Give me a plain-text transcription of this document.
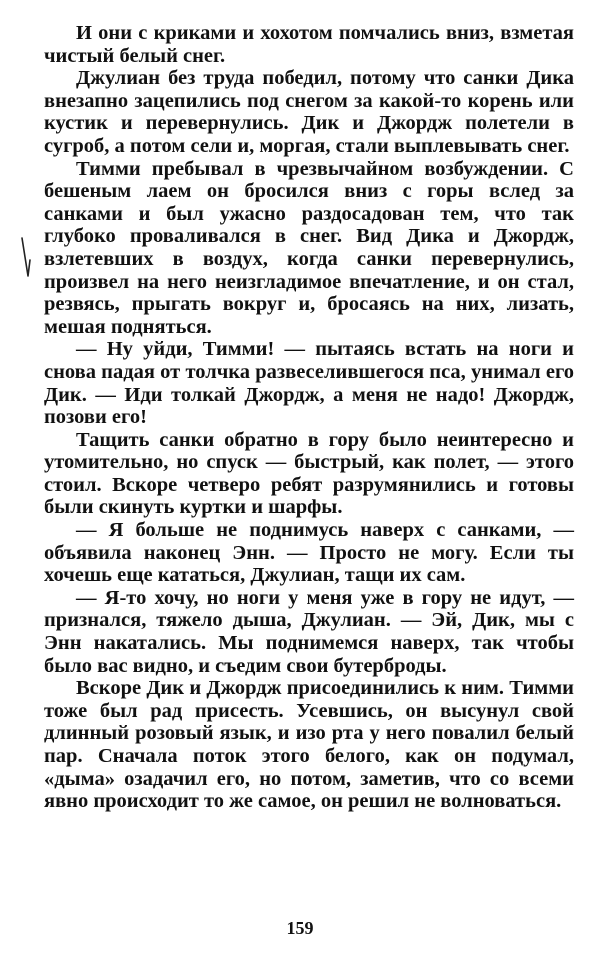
И они с криками и хохотом помчались вниз, взметая чистый белый снег.

Джулиан без труда победил, потому что санки Дика внезапно зацепились под снегом за какой-то корень или кустик и перевернулись. Дик и Джордж полетели в сугроб, а потом сели и, моргая, стали выплевывать снег.

Тимми пребывал в чрезвычайном возбуждении. С бешеным лаем он бросился вниз с горы вслед за санками и был ужасно раздосадован тем, что так глубоко проваливался в снег. Вид Дика и Джордж, взлетевших в воздух, когда санки перевернулись, произвел на него неизгладимое впечатление, и он стал, резвясь, прыгать вокруг и, бросаясь на них, лизать, мешая подняться.

— Ну уйди, Тимми! — пытаясь встать на ноги и снова падая от толчка развеселившегося пса, унимал его Дик. — Иди толкай Джордж, а меня не надо! Джордж, позови его!

Тащить санки обратно в гору было неинтересно и утомительно, но спуск — быстрый, как полет, — этого стоил. Вскоре четверо ребят разрумянились и готовы были скинуть куртки и шарфы.

— Я больше не поднимусь наверх с санками, — объявила наконец Энн. — Просто не могу. Если ты хочешь еще кататься, Джулиан, тащи их сам.

— Я-то хочу, но ноги у меня уже в гору не идут, — признался, тяжело дыша, Джулиан. — Эй, Дик, мы с Энн накатались. Мы поднимемся наверх, так чтобы было вас видно, и съедим свои бутерброды.

Вскоре Дик и Джордж присоединились к ним. Тимми тоже был рад присесть. Усевшись, он высунул свой длинный розовый язык, и изо рта у него повалил белый пар. Сначала поток этого белого, как он подумал, «дыма» озадачил его, но потом, заметив, что со всеми явно происходит то же самое, он решил не волноваться.

159
